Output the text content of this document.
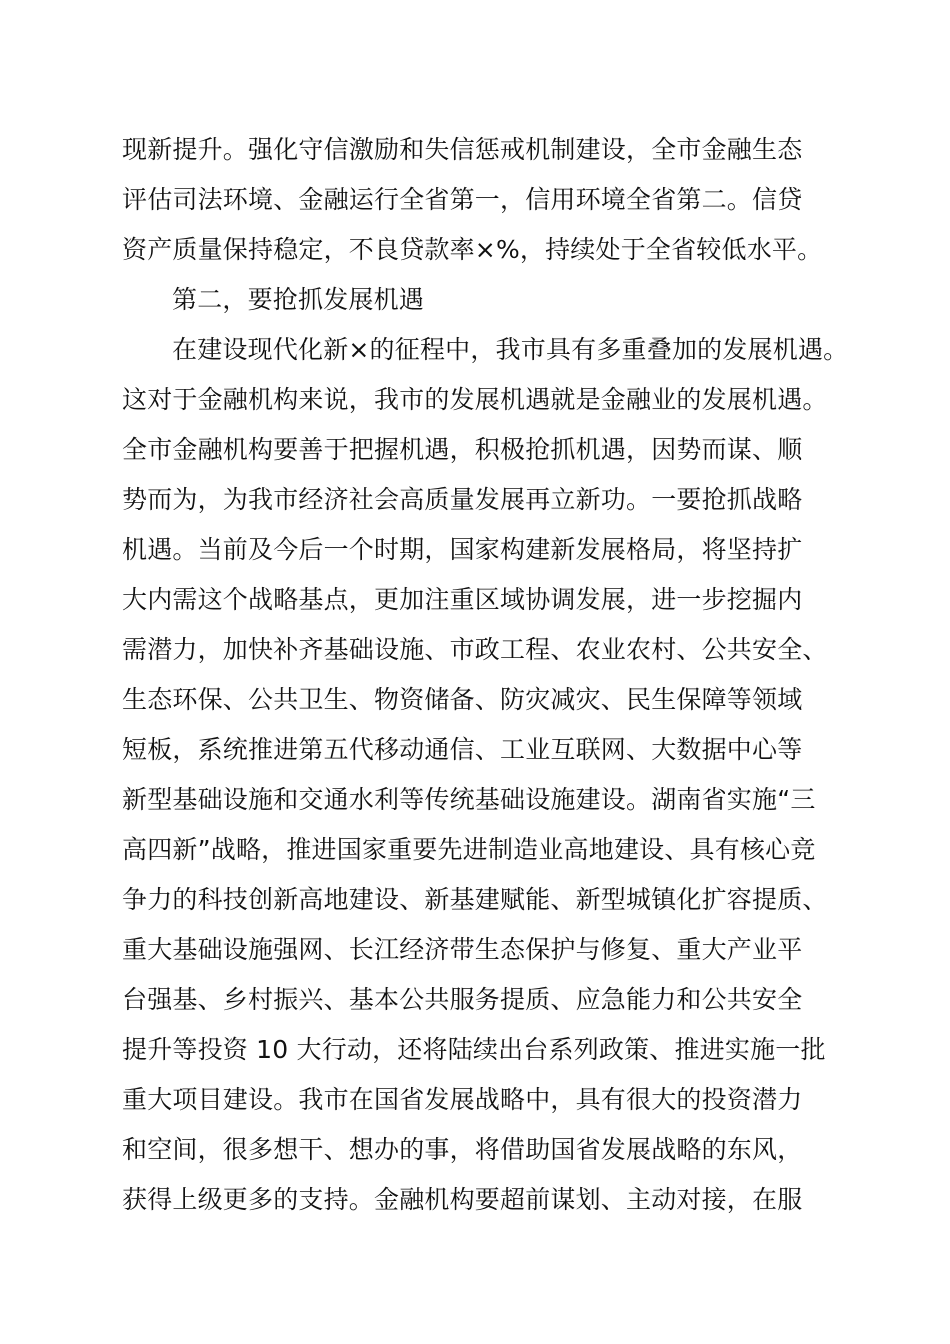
现新提升。强化守信激励和失信惩戒机制建设，全市金融生态
评估司法环境、金融运行全省第一，信用环境全省第二。信贷
资产质量保持稳定，不良贷款率×%，持续处于全省较低水平。
第二，要抢抓发展机遇
在建设现代化新×的征程中，我市具有多重叠加的发展机遇。
这对于金融机构来说，我市的发展机遇就是金融业的发展机遇。
全市金融机构要善于把握机遇，积极抢抓机遇，因势而谋、顺
势而为，为我市经济社会高质量发展再立新功。一要抢抓战略
机遇。当前及今后一个时期，国家构建新发展格局，将坚持扩
大内需这个战略基点，更加注重区域协调发展，进一步挖掘内
需潜力，加快补齐基础设施、市政工程、农业农村、公共安全、
生态环保、公共卫生、物资储备、防灾减灾、民生保障等领域
短板，系统推进第五代移动通信、工业互联网、大数据中心等
新型基础设施和交通水利等传统基础设施建设。湖南省实施“三
高四新”战略，推进国家重要先进制造业高地建设、具有核心竞
争力的科技创新高地建设、新基建赋能、新型城镇化扩容提质、
重大基础设施强网、长江经济带生态保护与修复、重大产业平
台强基、乡村振兴、基本公共服务提质、应急能力和公共安全
提升等投资 10 大行动，还将陆续出台系列政策、推进实施一批
重大项目建设。我市在国省发展战略中，具有很大的投资潜力
和空间，很多想干、想办的事，将借助国省发展战略的东风，
获得上级更多的支持。金融机构要超前谋划、主动对接，在服
